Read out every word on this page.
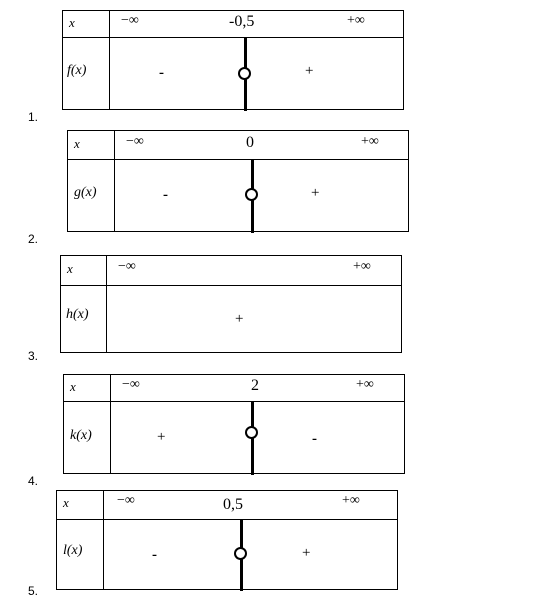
1.
x	−∞	-0,5	+∞
f(x)	-	+
2.
x	−∞	0	+∞
g(x)	-	+
3.
x	−∞	+∞
h(x)	+
4.
x	−∞	2	+∞
k(x)	+	-
5.
x	−∞	0,5	+∞
l(x)	-	+
